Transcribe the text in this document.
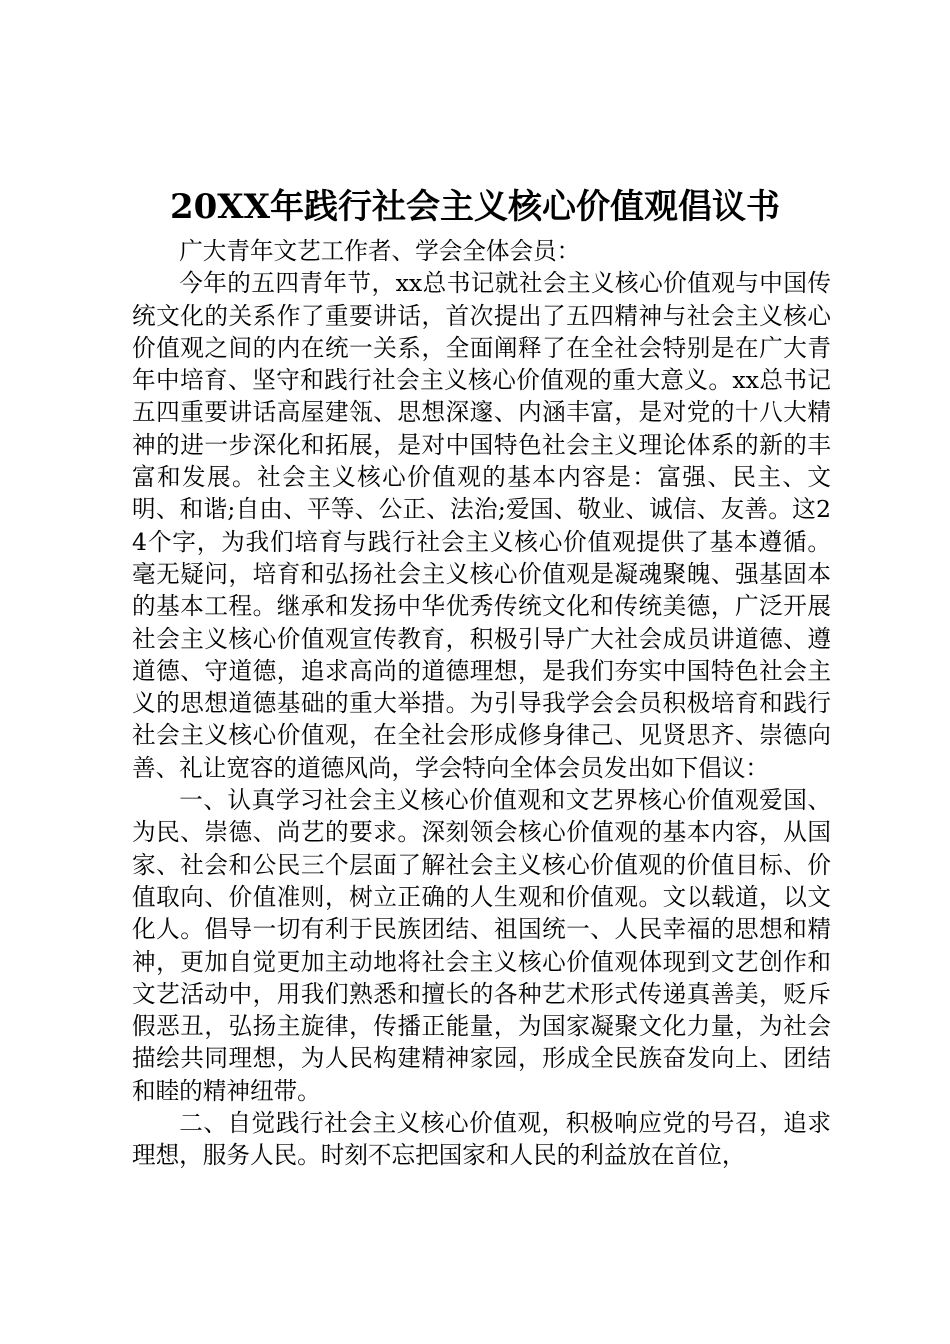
20XX年践行社会主义核心价值观倡议书

广大青年文艺工作者、学会全体会员：

今年的五四青年节，xx总书记就社会主义核心价值观与中国传统文化的关系作了重要讲话，首次提出了五四精神与社会主义核心价值观之间的内在统一关系，全面阐释了在全社会特别是在广大青年中培育、坚守和践行社会主义核心价值观的重大意义。xx总书记五四重要讲话高屋建瓴、思想深邃、内涵丰富，是对党的十八大精神的进一步深化和拓展，是对中国特色社会主义理论体系的新的丰富和发展。社会主义核心价值观的基本内容是：富强、民主、文明、和谐;自由、平等、公正、法治;爱国、敬业、诚信、友善。这24个字，为我们培育与践行社会主义核心价值观提供了基本遵循。毫无疑问，培育和弘扬社会主义核心价值观是凝魂聚魄、强基固本的基本工程。继承和发扬中华优秀传统文化和传统美德，广泛开展社会主义核心价值观宣传教育，积极引导广大社会成员讲道德、遵道德、守道德，追求高尚的道德理想，是我们夯实中国特色社会主义的思想道德基础的重大举措。为引导我学会会员积极培育和践行社会主义核心价值观，在全社会形成修身律己、见贤思齐、崇德向善、礼让宽容的道德风尚，学会特向全体会员发出如下倡议：

一、认真学习社会主义核心价值观和文艺界核心价值观爱国、为民、崇德、尚艺的要求。深刻领会核心价值观的基本内容，从国家、社会和公民三个层面了解社会主义核心价值观的价值目标、价值取向、价值准则，树立正确的人生观和价值观。文以载道，以文化人。倡导一切有利于民族团结、祖国统一、人民幸福的思想和精神，更加自觉更加主动地将社会主义核心价值观体现到文艺创作和文艺活动中，用我们熟悉和擅长的各种艺术形式传递真善美，贬斥假恶丑，弘扬主旋律，传播正能量，为国家凝聚文化力量，为社会描绘共同理想，为人民构建精神家园，形成全民族奋发向上、团结和睦的精神纽带。

二、自觉践行社会主义核心价值观，积极响应党的号召，追求理想，服务人民。时刻不忘把国家和人民的利益放在首位，
